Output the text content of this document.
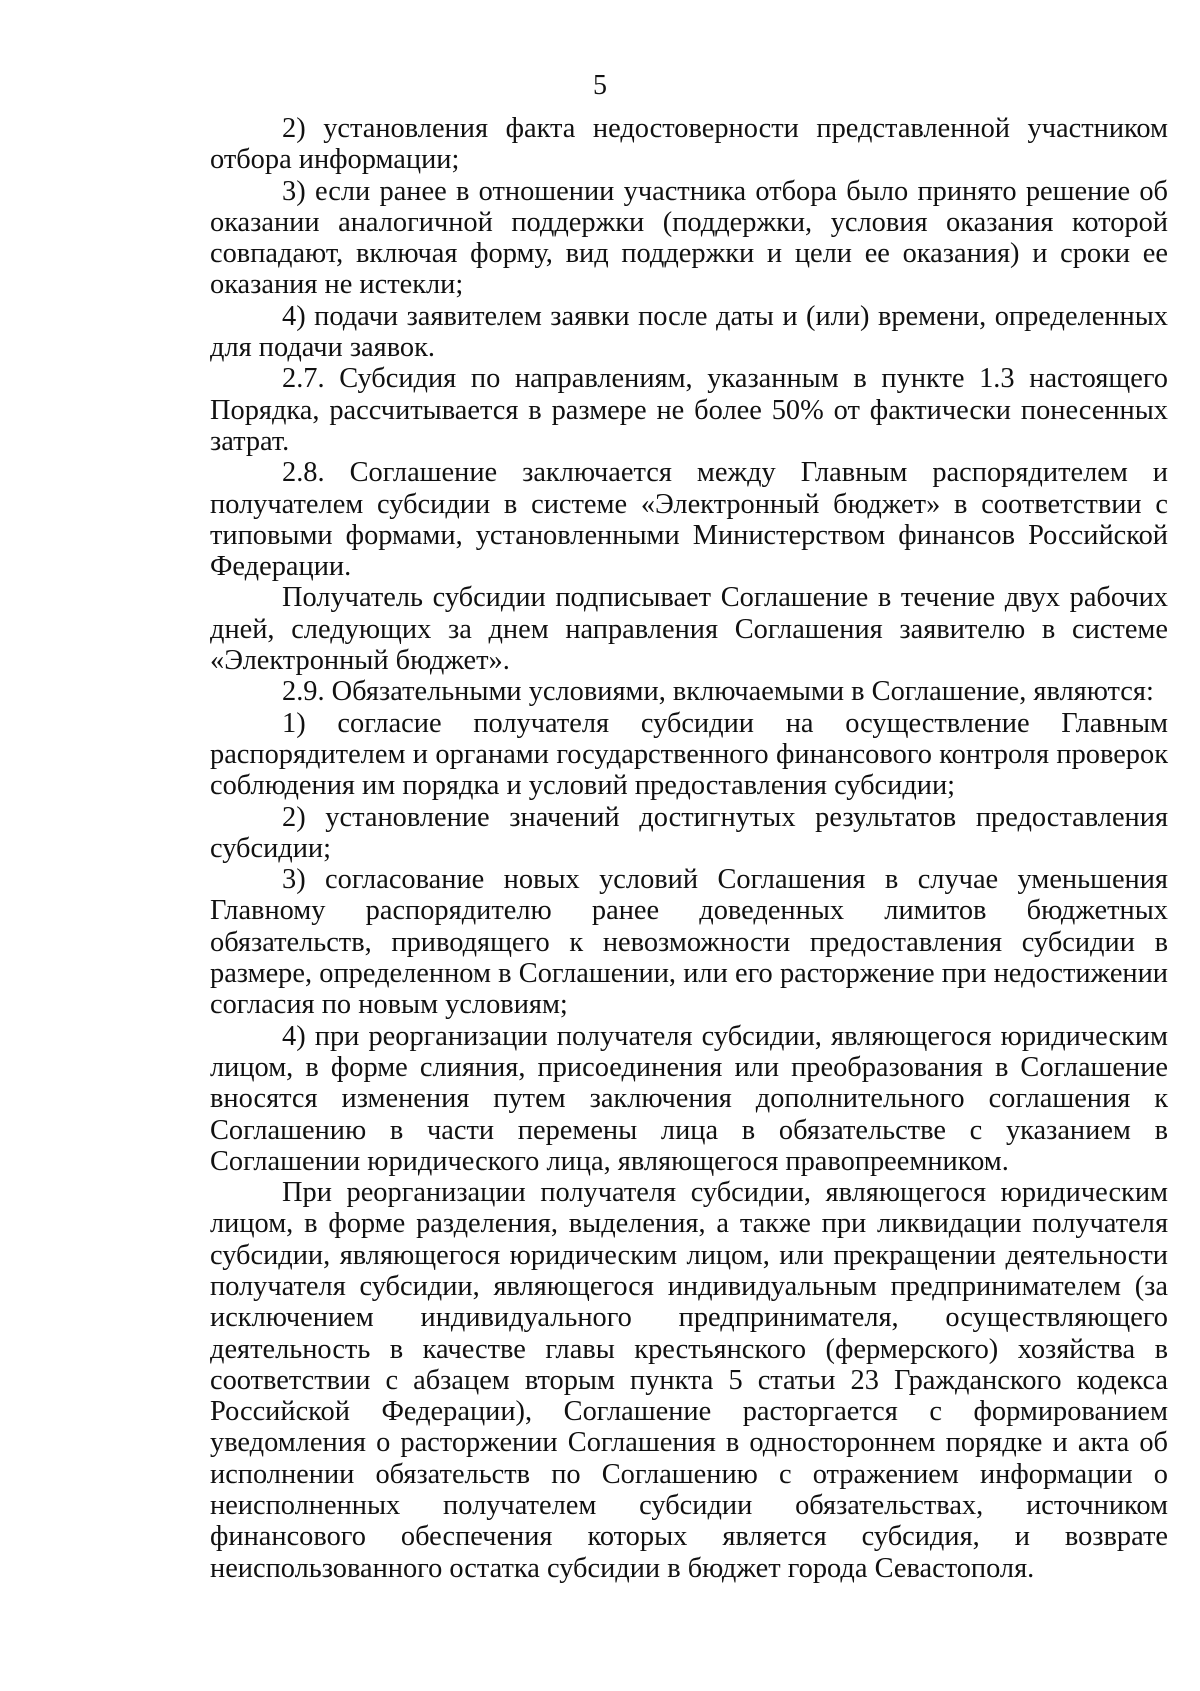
5

2) установления факта недостоверности представленной участником отбора информации;

3) если ранее в отношении участника отбора было принято решение об оказании аналогичной поддержки (поддержки, условия оказания которой совпадают, включая форму, вид поддержки и цели ее оказания) и сроки ее оказания не истекли;

4) подачи заявителем заявки после даты и (или) времени, определенных для подачи заявок.

2.7. Субсидия по направлениям, указанным в пункте 1.3 настоящего Порядка, рассчитывается в размере не более 50% от фактически понесенных затрат.

2.8. Соглашение заключается между Главным распорядителем и получателем субсидии в системе «Электронный бюджет» в соответствии с типовыми формами, установленными Министерством финансов Российской Федерации.

Получатель субсидии подписывает Соглашение в течение двух рабочих дней, следующих за днем направления Соглашения заявителю в системе «Электронный бюджет».

2.9. Обязательными условиями, включаемыми в Соглашение, являются:

1) согласие получателя субсидии на осуществление Главным распорядителем и органами государственного финансового контроля проверок соблюдения им порядка и условий предоставления субсидии;

2) установление значений достигнутых результатов предоставления субсидии;

3) согласование новых условий Соглашения в случае уменьшения Главному распорядителю ранее доведенных лимитов бюджетных обязательств, приводящего к невозможности предоставления субсидии в размере, определенном в Соглашении, или его расторжение при недостижении согласия по новым условиям;

4) при реорганизации получателя субсидии, являющегося юридическим лицом, в форме слияния, присоединения или преобразования в Соглашение вносятся изменения путем заключения дополнительного соглашения к Соглашению в части перемены лица в обязательстве с указанием в Соглашении юридического лица, являющегося правопреемником.

При реорганизации получателя субсидии, являющегося юридическим лицом, в форме разделения, выделения, а также при ликвидации получателя субсидии, являющегося юридическим лицом, или прекращении деятельности получателя субсидии, являющегося индивидуальным предпринимателем (за исключением индивидуального предпринимателя, осуществляющего деятельность в качестве главы крестьянского (фермерского) хозяйства в соответствии с абзацем вторым пункта 5 статьи 23 Гражданского кодекса Российской Федерации), Соглашение расторгается с формированием уведомления о расторжении Соглашения в одностороннем порядке и акта об исполнении обязательств по Соглашению с отражением информации о неисполненных получателем субсидии обязательствах, источником финансового обеспечения которых является субсидия, и возврате неиспользованного остатка субсидии в бюджет города Севастополя.
